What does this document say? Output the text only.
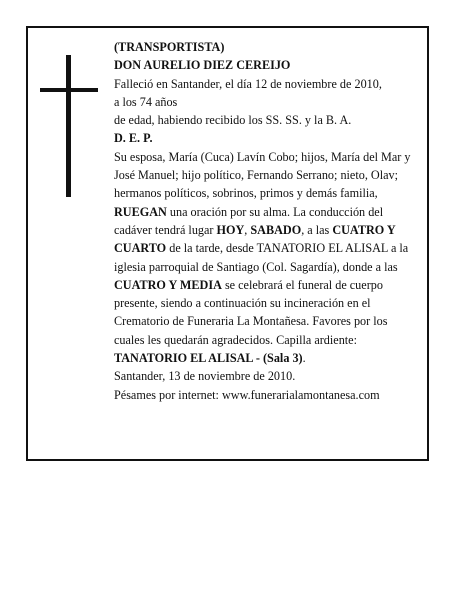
(TRANSPORTISTA)

DON AURELIO DIEZ CEREIJO

Falleció en Santander, el día 12 de noviembre de 2010,

a los 74 años

de edad, habiendo recibido los SS. SS. y la B. A.

D. E. P.

Su esposa, María (Cuca) Lavín Cobo; hijos, María del Mar y José Manuel; hijo político, Fernando Serrano; nieto, Olav; hermanos políticos, sobrinos, primos y demás familia,

RUEGAN una oración por su alma. La conducción del cadáver tendrá lugar HOY, SABADO, a las CUATRO Y CUARTO de la tarde, desde TANATORIO EL ALISAL a la iglesia parroquial de Santiago (Col. Sagardía), donde a las CUATRO Y MEDIA se celebrará el funeral de cuerpo presente, siendo a continuación su incineración en el Crematorio de Funeraria La Montañesa. Favores por los cuales les quedarán agradecidos. Capilla ardiente: TANATORIO EL ALISAL - (Sala 3).

Santander, 13 de noviembre de 2010.

Pésames por internet: www.funerarialamontanesa.com
